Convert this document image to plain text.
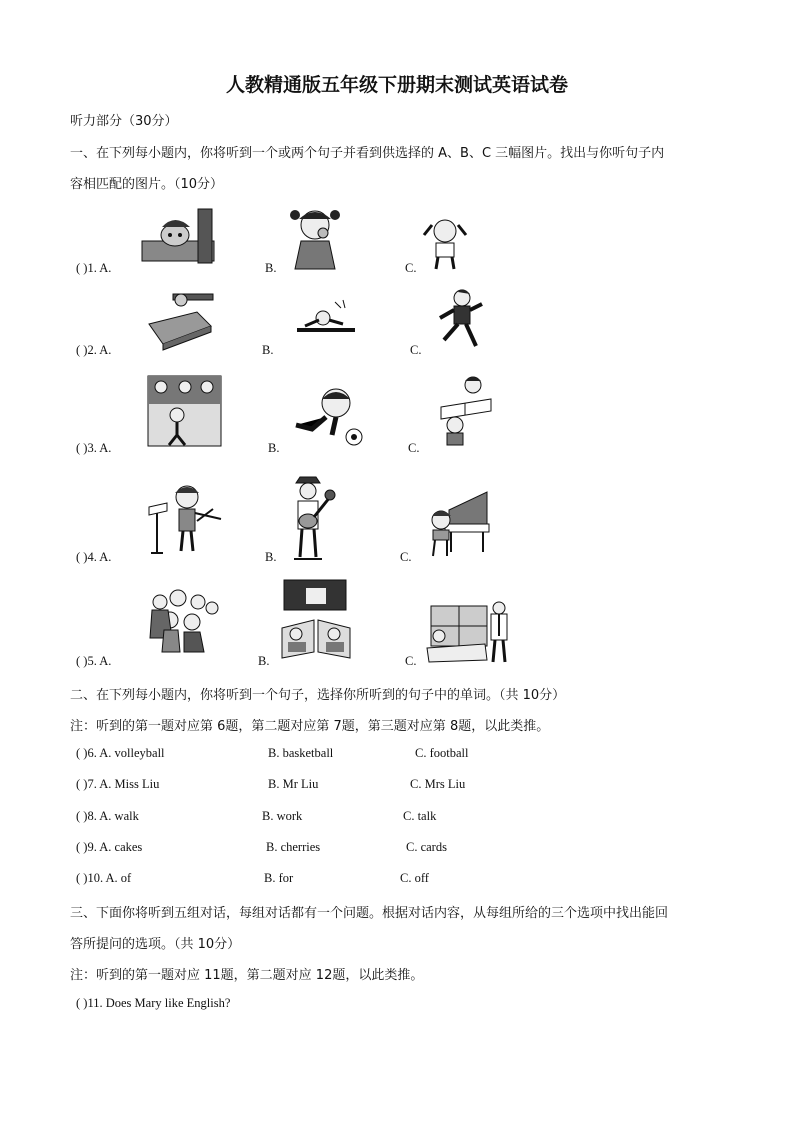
人教精通版五年级下册期末测试英语试卷
听力部分（30分）
一、在下列每小题内，你将听到一个或两个句子并看到供选择的 A、B、C 三幅图片。找出与你听句子内
容相匹配的图片。（10分）
( )1. A.	B.	C.
( )2. A.	B.	C.
( )3. A.	B.	C.
( )4. A.	B.	C.
( )5. A.	B.	C.
二、在下列每小题内，你将听到一个句子，选择你所听到的句子中的单词。（共 10分）
注：听到的第一题对应第 6题，第二题对应第 7题，第三题对应第 8题，以此类推。
( )6. A. volleyball	B. basketball	C. football
( )7. A. Miss Liu	B. Mr Liu	C. Mrs Liu
( )8. A. walk	B. work	C. talk
( )9. A. cakes	B. cherries	C. cards
( )10. A. of	B. for	C. off
三、下面你将听到五组对话，每组对话都有一个问题。根据对话内容，从每组所给的三个选项中找出能回
答所提问的选项。（共 10分）
注：听到的第一题对应 11题，第二题对应 12题，以此类推。
( )11. Does Mary like English?
